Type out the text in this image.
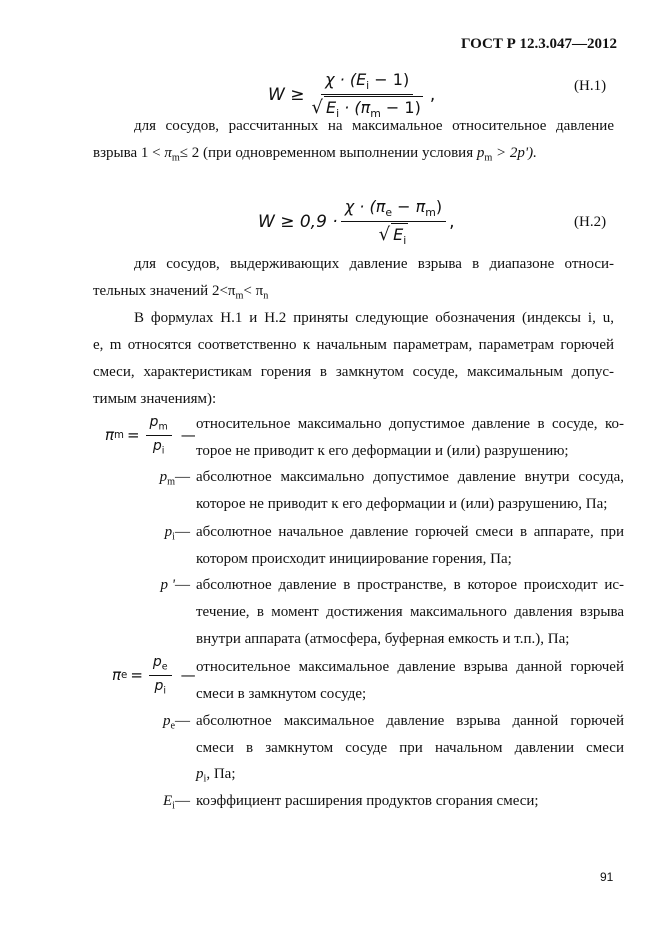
ГОСТ Р 12.3.047—2012
$W \ge \frac{\chi \cdot (E_i - 1)}{√ E_i \cdot (\pi_m - 1)}$ ,	(Н.1)
для сосудов, рассчитанных на максимальное относительное давление
взрыва $1 < \pi_m\le 2$ (при одновременном выполнении условия $p_m > 2p'$).
$W \ge 0,9 \cdot \frac{\chi \cdot (\pi_e - \pi_m)}{√ E_i}$ ,	(Н.2)
для сосудов, выдерживающих давление взрыва в диапазоне относи-
тельных значений $2<\pi_m< \pi_n$
В формулах Н.1 и Н.2 приняты следующие обозначения (индексы i, u,
e, m относятся соответственно к начальным параметрам, параметрам горючей
смеси, характеристикам горения в замкнутом сосуде, максимальным допус-
тимым значениям):
π $m = \frac{p_m}{p_i}$ —
относительное максимально допустимое давление в сосуде, ко-
торое не приводит к его деформации и (или) разрушению;
$p_m—$ абсолютное максимально допустимое давление внутри сосуда,
которое не приводит к его деформации и (или) разрушению, Па;
$p_i—$ абсолютное начальное давление горючей смеси в аппарате, при
котором происходит инициирование горения, Па;
p '— абсолютное давление в пространстве, в которое происходит ис-
течение, в момент достижения максимального давления взрыва
внутри аппарата (атмосфера, буферная емкость и т.п.), Па;
π $e = \frac{p_e}{p_i}$ — относительное максимальное давление взрыва данной горючей
смеси в замкнутом сосуде;
$p_e—$ абсолютное максимальное давление взрыва данной горючей
смеси в замкнутом сосуде при начальном давлении смеси
$p_i$, Па;
$E_i—$ коэффициент расширения продуктов сгорания смеси;
91
